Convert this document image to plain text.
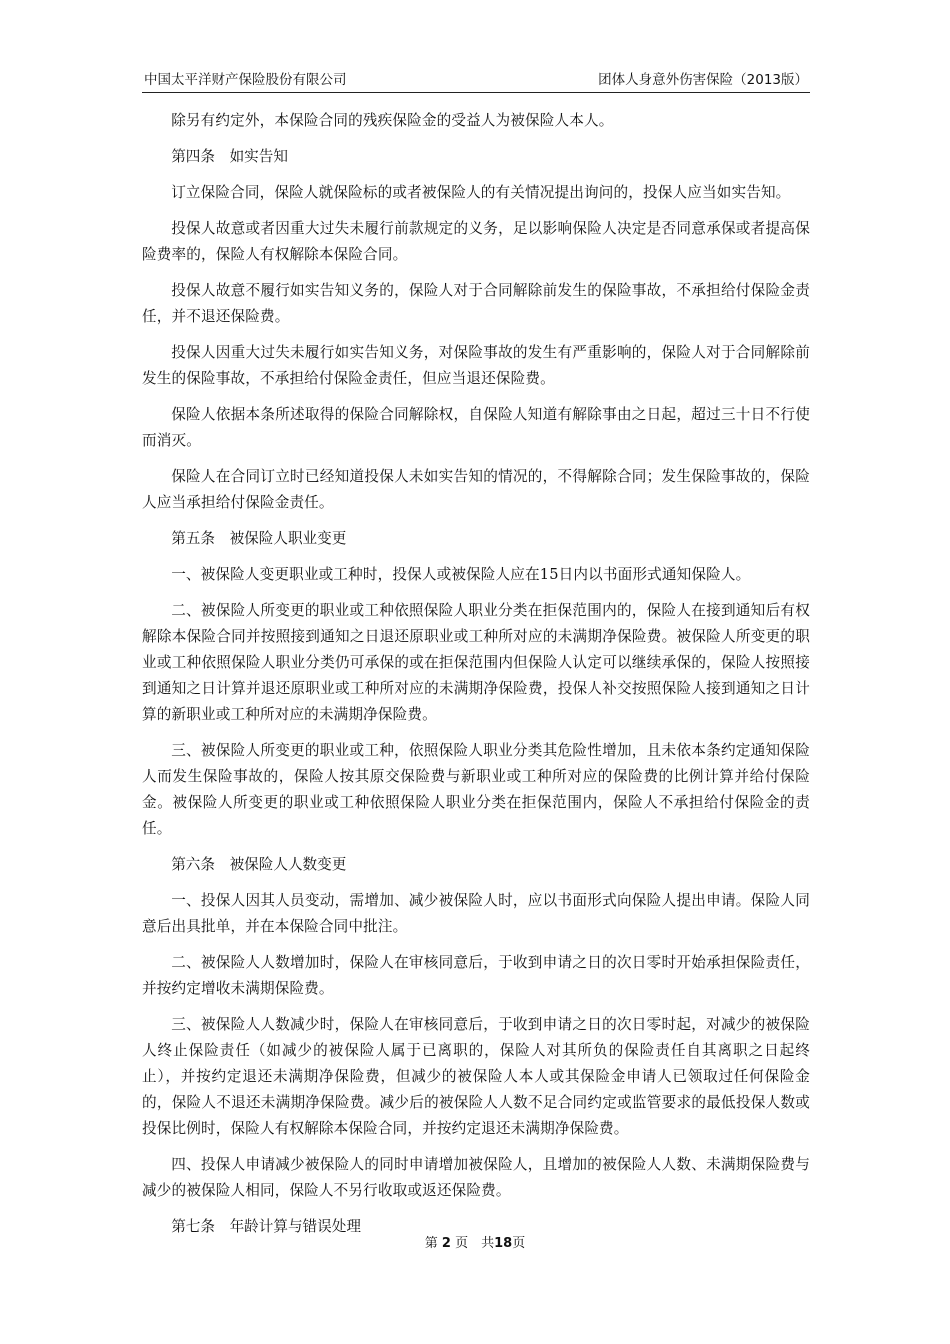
中国太平洋财产保险股份有限公司	团体人身意外伤害保险（2013版）

除另有约定外，本保险合同的残疾保险金的受益人为被保险人本人。

第四条　如实告知

订立保险合同，保险人就保险标的或者被保险人的有关情况提出询问的，投保人应当如实告知。

投保人故意或者因重大过失未履行前款规定的义务，足以影响保险人决定是否同意承保或者提高保险费率的，保险人有权解除本保险合同。

投保人故意不履行如实告知义务的，保险人对于合同解除前发生的保险事故，不承担给付保险金责任，并不退还保险费。

投保人因重大过失未履行如实告知义务，对保险事故的发生有严重影响的，保险人对于合同解除前发生的保险事故，不承担给付保险金责任，但应当退还保险费。

保险人依据本条所述取得的保险合同解除权，自保险人知道有解除事由之日起，超过三十日不行使而消灭。

保险人在合同订立时已经知道投保人未如实告知的情况的，不得解除合同；发生保险事故的，保险人应当承担给付保险金责任。

第五条　被保险人职业变更

一、被保险人变更职业或工种时，投保人或被保险人应在15日内以书面形式通知保险人。

二、被保险人所变更的职业或工种依照保险人职业分类在拒保范围内的，保险人在接到通知后有权解除本保险合同并按照接到通知之日退还原职业或工种所对应的未满期净保险费。被保险人所变更的职业或工种依照保险人职业分类仍可承保的或在拒保范围内但保险人认定可以继续承保的，保险人按照接到通知之日计算并退还原职业或工种所对应的未满期净保险费，投保人补交按照保险人接到通知之日计算的新职业或工种所对应的未满期净保险费。

三、被保险人所变更的职业或工种，依照保险人职业分类其危险性增加，且未依本条约定通知保险人而发生保险事故的，保险人按其原交保险费与新职业或工种所对应的保险费的比例计算并给付保险金。被保险人所变更的职业或工种依照保险人职业分类在拒保范围内，保险人不承担给付保险金的责任。

第六条　被保险人人数变更

一、投保人因其人员变动，需增加、减少被保险人时，应以书面形式向保险人提出申请。保险人同意后出具批单，并在本保险合同中批注。

二、被保险人人数增加时，保险人在审核同意后，于收到申请之日的次日零时开始承担保险责任，并按约定增收未满期保险费。

三、被保险人人数减少时，保险人在审核同意后，于收到申请之日的次日零时起，对减少的被保险人终止保险责任（如减少的被保险人属于已离职的，保险人对其所负的保险责任自其离职之日起终止），并按约定退还未满期净保险费，但减少的被保险人本人或其保险金申请人已领取过任何保险金的，保险人不退还未满期净保险费。减少后的被保险人人数不足合同约定或监管要求的最低投保人数或投保比例时，保险人有权解除本保险合同，并按约定退还未满期净保险费。

四、投保人申请减少被保险人的同时申请增加被保险人，且增加的被保险人人数、未满期保险费与减少的被保险人相同，保险人不另行收取或返还保险费。

第七条　年龄计算与错误处理

第 2 页　共18页
